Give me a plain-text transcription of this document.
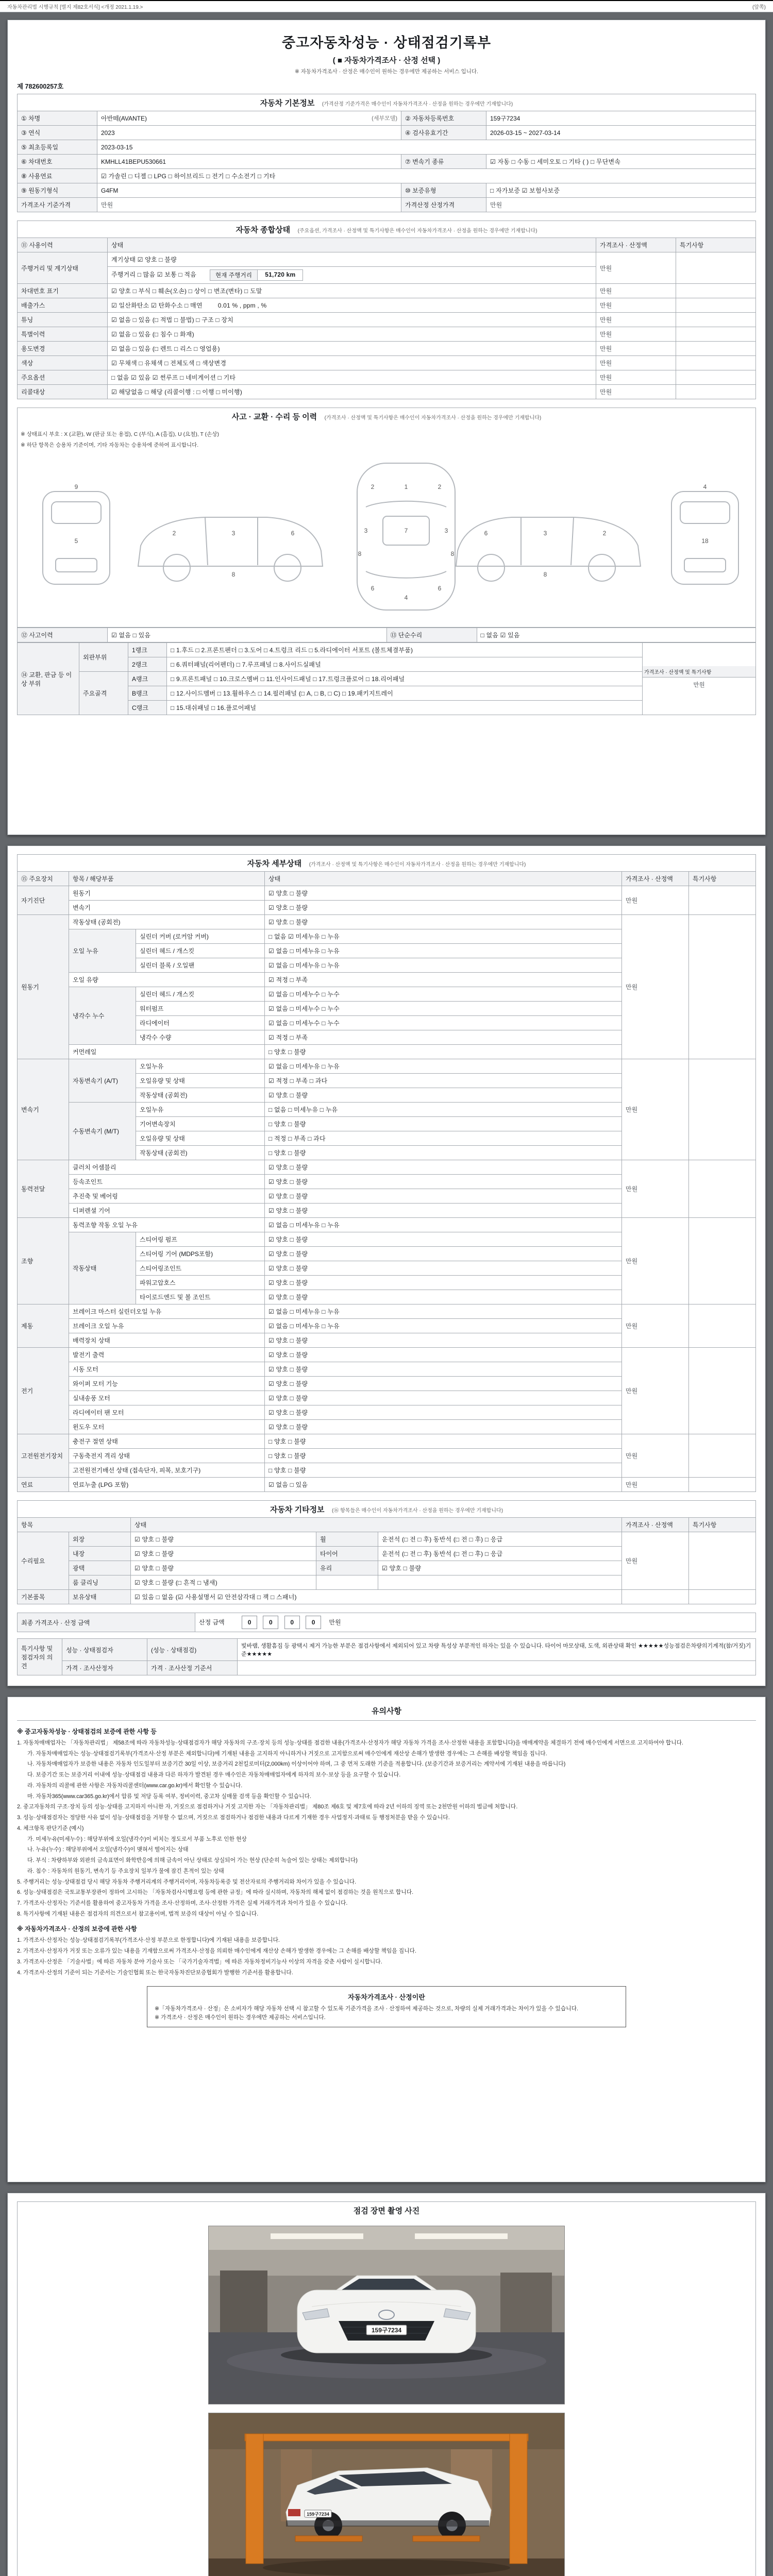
자동차관리법 시행규칙 [별지 제82호서식] <개정 2021.1.19.>	(앞쪽)
중고자동차성능 · 상태점검기록부
( ■ 자동차가격조사 · 산정 선택 )
※ 자동차가격조사 · 산정은 매수인이 원하는 경우에만 제공하는 서비스 입니다.
제 782600257호
자동차 기본정보 (가격산정 기준가격은 매수인이 자동차가격조사 · 산정을 원하는 경우에만 기재합니다)
① 차명	아반떼(AVANTE) (세부모델)	② 자동차등록번호	159구7234
③ 연식	2023	④ 검사유효기간	2026-03-15 ~ 2027-03-14
⑤ 최초등록일	2023-03-15		
⑥ 차대번호	KMHLL41BEPU530661	⑦ 변속기 종류	☑ 자동 □ 수동 □ 세미오토 □ 기타 ( ) □ 무단변속
⑧ 사용연료	☑ 가솔린 □ 디젤 □ LPG □ 하이브리드 □ 전기 □ 수소전기 □ 기타		
⑨ 원동기형식	G4FM	⑩ 보증유형	□ 자가보증 ☑ 보험사보증
가격조사 기준가격	만원	가격산정 산정가격	만원
자동차 종합상태 (주요옵션, 가격조사 · 산정액 및 특기사항은 매수인이 자동차가격조사 · 산정을 원하는 경우에만 기재합니다)
⑪ 사용이력	상태	가격조사 · 산정액	특기사항
주행거리 및 계기상태	계기상태 ☑ 양호 □ 불량	만원	
	주행거리 □ 많음 ☑ 보통 □ 적음 현재 주행거리 51,720 km		

차대번호 표기	☑ 양호 □ 부식 □ 훼손(오손) □ 상이 □ 변조(변타) □ 도말	만원	
배출가스	☑ 일산화탄소 ☑ 탄화수소 □ 매연 0.01 % , ppm , %	만원	
튜닝	☑ 없음 □ 있음 (□ 적법 □ 불법) □ 구조 □ 장치	만원	
특별이력	☑ 없음 □ 있음 (□ 침수 □ 화재)	만원	
용도변경	☑ 없음 □ 있음 (□ 렌트 □ 리스 □ 영업용)	만원	
색상	☑ 무채색 □ 유채색 □ 전체도색 □ 색상변경	만원	
주요옵션	□ 없음 ☑ 있음 ☑ 썬루프 □ 네비게이션 □ 기타	만원	
리콜대상	☑ 해당없음 □ 해당 (리콜이행 : □ 이행 □ 미이행)	만원	
사고 · 교환 · 수리 등 이력 (가격조사 · 산정액 및 특기사항은 매수인이 자동차가격조사 · 산정을 원하는 경우에만 기재합니다)
※ 상태표시 부호 : X (교환), W (판금 또는 용접), C (부식), A (흠집), U (요철), T (손상)
※ 하단 항목은 승용차 기준이며, 기타 자동차는 승용차에 준하여 표시합니다.
5
9
2	3	6
8
1
2	2
7
3	3
4
6	6
8	8
2
3
6
8
18
4
⑫ 사고이력	☑ 없음 □ 있음	⑬ 단순수리	□ 없음 ☑ 있음
⑭ 교환, 판금 등 이상 부위	외판부위	1랭크	□ 1.후드 □ 2.프론트펜더 □ 3.도어 □ 4.트렁크 리드 □ 5.라디에이터 서포트 (볼트체결부품)	가격조사 · 산정액 및 특기사항
만원

		2랭크	□ 6.쿼터패널(리어펜더) □ 7.루프패널 □ 8.사이드실패널	
	주요골격	A랭크	□ 9.프론트패널 □ 10.크로스멤버 □ 11.인사이드패널 □ 17.트렁크플로어 □ 18.리어패널	
		B랭크	□ 12.사이드멤버 □ 13.휠하우스 □ 14.필러패널 (□ A, □ B, □ C) □ 19.패키지트레이	
		C랭크	□ 15.대쉬패널 □ 16.플로어패널	
자동차 세부상태 (가격조사 · 산정액 및 특기사항은 매수인이 자동차가격조사 · 산정을 원하는 경우에만 기재합니다)
⑮ 주요장치	항목 / 해당부품		상태	가격조사 · 산정액	특기사항
자기진단	원동기		☑ 양호 □ 불량	만원	
	변속기		☑ 양호 □ 불량		
원동기	작동상태 (공회전)		☑ 양호 □ 불량	만원	
	오일 누유	실린더 커버 (로커암 커버)	□ 없음 ☑ 미세누유 □ 누유		
		실린더 헤드 / 개스킷	☑ 없음 □ 미세누유 □ 누유		
		실린더 블록 / 오일팬	☑ 없음 □ 미세누유 □ 누유		
	오일 유량		☑ 적정 □ 부족		
	냉각수 누수	실린더 헤드 / 개스킷	☑ 없음 □ 미세누수 □ 누수		
		워터펌프	☑ 없음 □ 미세누수 □ 누수		
		라디에이터	☑ 없음 □ 미세누수 □ 누수		
		냉각수 수량	☑ 적정 □ 부족		
	커먼레일		□ 양호 □ 불량		
변속기	자동변속기 (A/T)	오일누유	☑ 없음 □ 미세누유 □ 누유	만원	
		오일유량 및 상태	☑ 적정 □ 부족 □ 과다		
		작동상태 (공회전)	☑ 양호 □ 불량		
	수동변속기 (M/T)	오일누유	□ 없음 □ 미세누유 □ 누유		
		기어변속장치	□ 양호 □ 불량		
		오일유량 및 상태	□ 적정 □ 부족 □ 과다		
		작동상태 (공회전)	□ 양호 □ 불량		
동력전달	클러치 어셈블리		☑ 양호 □ 불량	만원	
	등속조인트		☑ 양호 □ 불량		
	추진축 및 베어링		☑ 양호 □ 불량		
	디퍼렌셜 기어		☑ 양호 □ 불량		
조향	동력조향 작동 오일 누유		☑ 없음 □ 미세누유 □ 누유	만원	
	작동상태	스티어링 펌프	☑ 양호 □ 불량		
		스티어링 기어 (MDPS포함)	☑ 양호 □ 불량		
		스티어링조인트	☑ 양호 □ 불량		
		파워고압호스	☑ 양호 □ 불량		
		타이로드엔드 및 볼 조인트	☑ 양호 □ 불량		
제동	브레이크 마스터 실린더오일 누유		☑ 없음 □ 미세누유 □ 누유	만원	
	브레이크 오일 누유		☑ 없음 □ 미세누유 □ 누유		
	배력장치 상태		☑ 양호 □ 불량		
전기	발전기 출력		☑ 양호 □ 불량	만원	
	시동 모터		☑ 양호 □ 불량		
	와이퍼 모터 기능		☑ 양호 □ 불량		
	실내송풍 모터		☑ 양호 □ 불량		
	라디에이터 팬 모터		☑ 양호 □ 불량		
	윈도우 모터		☑ 양호 □ 불량		
고전원전기장치	충전구 절연 상태		□ 양호 □ 불량	만원	
	구동축전지 격리 상태		□ 양호 □ 불량		
	고전원전기배선 상태 (접속단자, 피복, 보호기구)		□ 양호 □ 불량		
연료	연료누출 (LPG 포함)		☑ 없음 □ 있음	만원	
자동차 기타정보 (⑯ 항목들은 매수인이 자동차가격조사 · 산정을 원하는 경우에만 기재합니다)
항목		상태			가격조사 · 산정액	특기사항
수리필요	외장	☑ 양호 □ 불량	휠	운전석 (□ 전 □ 후) 동반석 (□ 전 □ 후) □ 응급	만원	
	내장	☑ 양호 □ 불량	타이어	운전석 (□ 전 □ 후) 동반석 (□ 전 □ 후) □ 응급		
	광택	☑ 양호 □ 불량	유리	☑ 양호 □ 불량		
	룸 클리닝	☑ 양호 □ 불량 (□ 흔적 □ 냄새)				
기본품목	보유상태	☑ 있음 □ 없음 (☑ 사용설명서 ☑ 안전삼각대 □ 잭 □ 스패너)				
최종 가격조사 · 산정 금액	산정 금액	0	0	0	0 만원
특기사항 및 점검자의 의견	성능 · 상태점검자	(성능 · 상태점검)	빛바램, 생활흠집 등 광택시 제거 가능한 부분은 점검사항에서 제외되어 있고 차량 특성상 부분적인 하자는 있을 수 있습니다. 타이어 마모상태, 도색, 외관상태 확인 ★★★★★성능점검은차량의기계적(참/거짓)기준★★★★★
	가격 · 조사산정자	가격 · 조사산정 기준서	
유의사항
※ 중고자동차성능 · 상태점검의 보증에 관한 사항 등
1. 자동차매매업자는 「자동차관리법」 제58조에 따라 자동차성능·상태점검자가 해당 자동차의 구조·장치 등의 성능·상태를 점검한 내용(가격조사·산정자가 해당 자동차 가격을 조사·산정한 내용을 포함합니다)을 매매계약을 체결하기 전에 매수인에게 서면으로 고지하여야 합니다.
가. 자동차매매업자는 성능·상태점검기록부(가격조사·산정 부분은 제외합니다)에 기재된 내용을 고지하지 아니하거나 거짓으로 고지함으로써 매수인에게 재산상 손해가 발생한 경우에는 그 손해를 배상할 책임을 집니다.
나. 자동차매매업자가 보증한 내용은 자동차 인도일부터 보증기간 30일 이상, 보증거리 2천킬로미터(2,000km) 이상이어야 하며, 그 중 먼저 도래한 기준을 적용합니다. (보증기간과 보증거리는 계약서에 기재된 내용을 따릅니다)
다. 보증기간 또는 보증거리 이내에 성능·상태점검 내용과 다른 하자가 발견된 경우 매수인은 자동차매매업자에게 하자의 보수·보상 등을 요구할 수 있습니다.
라. 자동차의 리콜에 관한 사항은 자동차리콜센터(www.car.go.kr)에서 확인할 수 있습니다.
마. 자동차365(www.car365.go.kr)에서 압류 및 저당 등록 여부, 정비이력, 중고차 실매물 검색 등을 확인할 수 있습니다.
2. 중고자동차의 구조·장치 등의 성능·상태를 고지하지 아니한 자, 거짓으로 점검하거나 거짓 고지한 자는 「자동차관리법」 제80조 제6호 및 제7호에 따라 2년 이하의 징역 또는 2천만원 이하의 벌금에 처합니다.
3. 성능·상태점검자는 정당한 사유 없이 성능·상태점검을 거부할 수 없으며, 거짓으로 점검하거나 점검한 내용과 다르게 기재한 경우 사업정지·과태료 등 행정처분을 받을 수 있습니다.
4. 체크항목 판단기준 (예시)
가. 미세누유(미세누수) : 해당부위에 오일(냉각수)이 비치는 정도로서 부품 노후로 인한 현상
나. 누유(누수) : 해당부위에서 오일(냉각수)이 맺혀서 떨어지는 상태
다. 부식 : 차량하부와 외판의 금속표면이 화학반응에 의해 금속이 아닌 상태로 상실되어 가는 현상 (단순히 녹슬어 있는 상태는 제외합니다)
라. 침수 : 자동차의 원동기, 변속기 등 주요장치 일부가 물에 잠긴 흔적이 있는 상태
5. 주행거리는 성능·상태점검 당시 해당 자동차 주행거리계의 주행거리이며, 자동차등록증 및 전산자료의 주행거리와 차이가 있을 수 있습니다.
6. 성능·상태점검은 국토교통부장관이 정하여 고시하는 「자동차검사시행요령 등에 관한 규정」에 따라 실시하며, 자동차의 해체 없이 점검하는 것을 원칙으로 합니다.
7. 가격조사·산정자는 기준서를 활용하여 중고자동차 가격을 조사·산정하며, 조사·산정한 가격은 실제 거래가격과 차이가 있을 수 있습니다.
8. 특기사항에 기재된 내용은 점검자의 의견으로서 참고용이며, 법적 보증의 대상이 아닐 수 있습니다.
※ 자동차가격조사 · 산정의 보증에 관한 사항
1. 가격조사·산정자는 성능·상태점검기록부(가격조사·산정 부분으로 한정합니다)에 기재된 내용을 보증합니다.
2. 가격조사·산정자가 거짓 또는 오류가 있는 내용을 기재함으로써 가격조사·산정을 의뢰한 매수인에게 재산상 손해가 발생한 경우에는 그 손해를 배상할 책임을 집니다.
3. 가격조사·산정은 「기술사법」에 따른 자동차 분야 기술사 또는 「국가기술자격법」에 따른 자동차정비기능사 이상의 자격을 갖춘 사람이 실시합니다.
4. 가격조사·산정의 기준이 되는 기준서는 기술인협회 또는 한국자동차진단보증협회가 발행한 기준서를 활용합니다.
자동차가격조사 · 산정이란
※「자동차가격조사 · 산정」은 소비자가 해당 자동차 선택 시 참고할 수 있도록 기준가격을 조사 · 산정하여 제공하는 것으로, 차량의 실제 거래가격과는 차이가 있을 수 있습니다.
※ 가격조사 · 산정은 매수인이 원하는 경우에만 제공하는 서비스입니다.
점검 장면 촬영 사진
159구7234
159구7234
